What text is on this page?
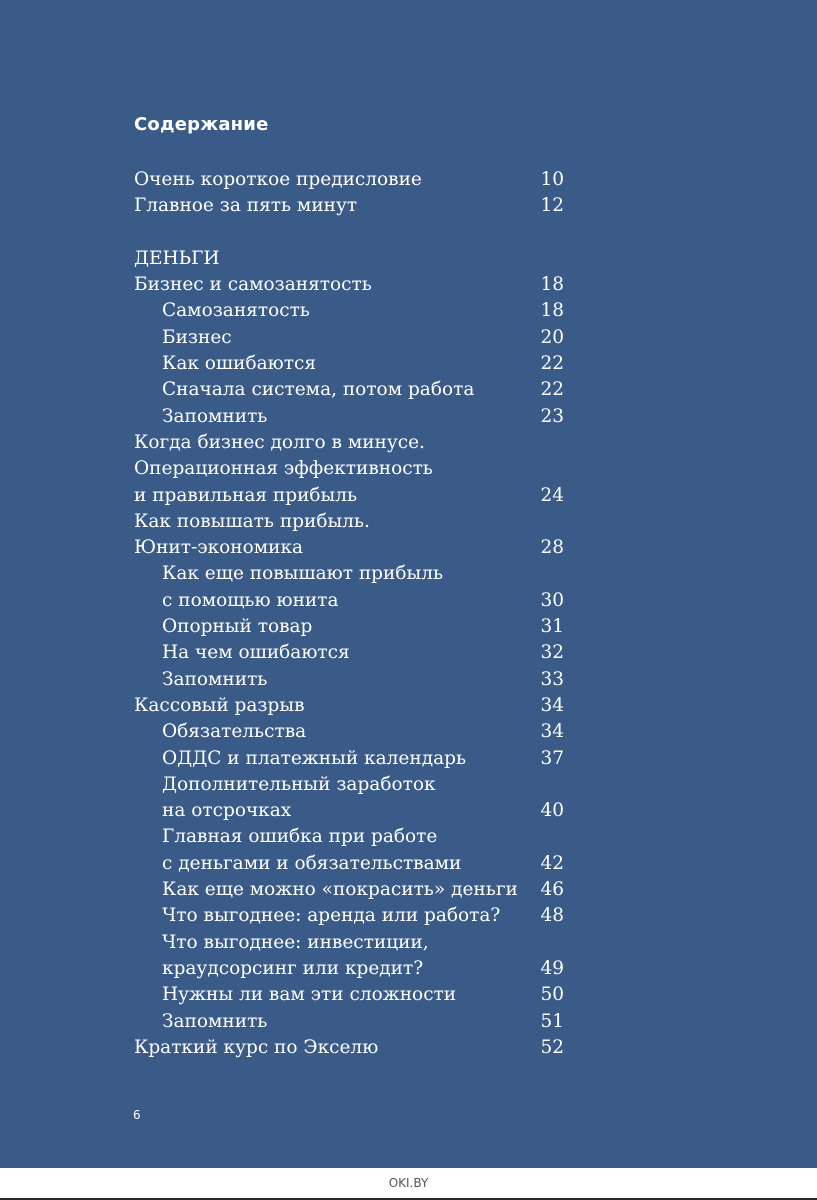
Содержание
Очень короткое предисловие	10
Главное за пять минут	12
ДЕНЬГИ
Бизнес и самозанятость	18
Самозанятость	18
Бизнес	20
Как ошибаются	22
Сначала система, потом работа	22
Запомнить	23
Когда бизнес долго в минусе.
Операционная эффективность
и правильная прибыль	24
Как повышать прибыль.
Юнит-экономика	28
Как еще повышают прибыль
с помощью юнита	30
Опорный товар	31
На чем ошибаются	32
Запомнить	33
Кассовый разрыв	34
Обязательства	34
ОДДС и платежный календарь	37
Дополнительный заработок
на отсрочках	40
Главная ошибка при работе
с деньгами и обязательствами	42
Как еще можно «покрасить» деньги 46
Что выгоднее: аренда или работа? 48
Что выгоднее: инвестиции,
краудсорсинг или кредит?	49
Нужны ли вам эти сложности	50
Запомнить	51
Краткий курс по Экселю	52
6
OKI.BY
